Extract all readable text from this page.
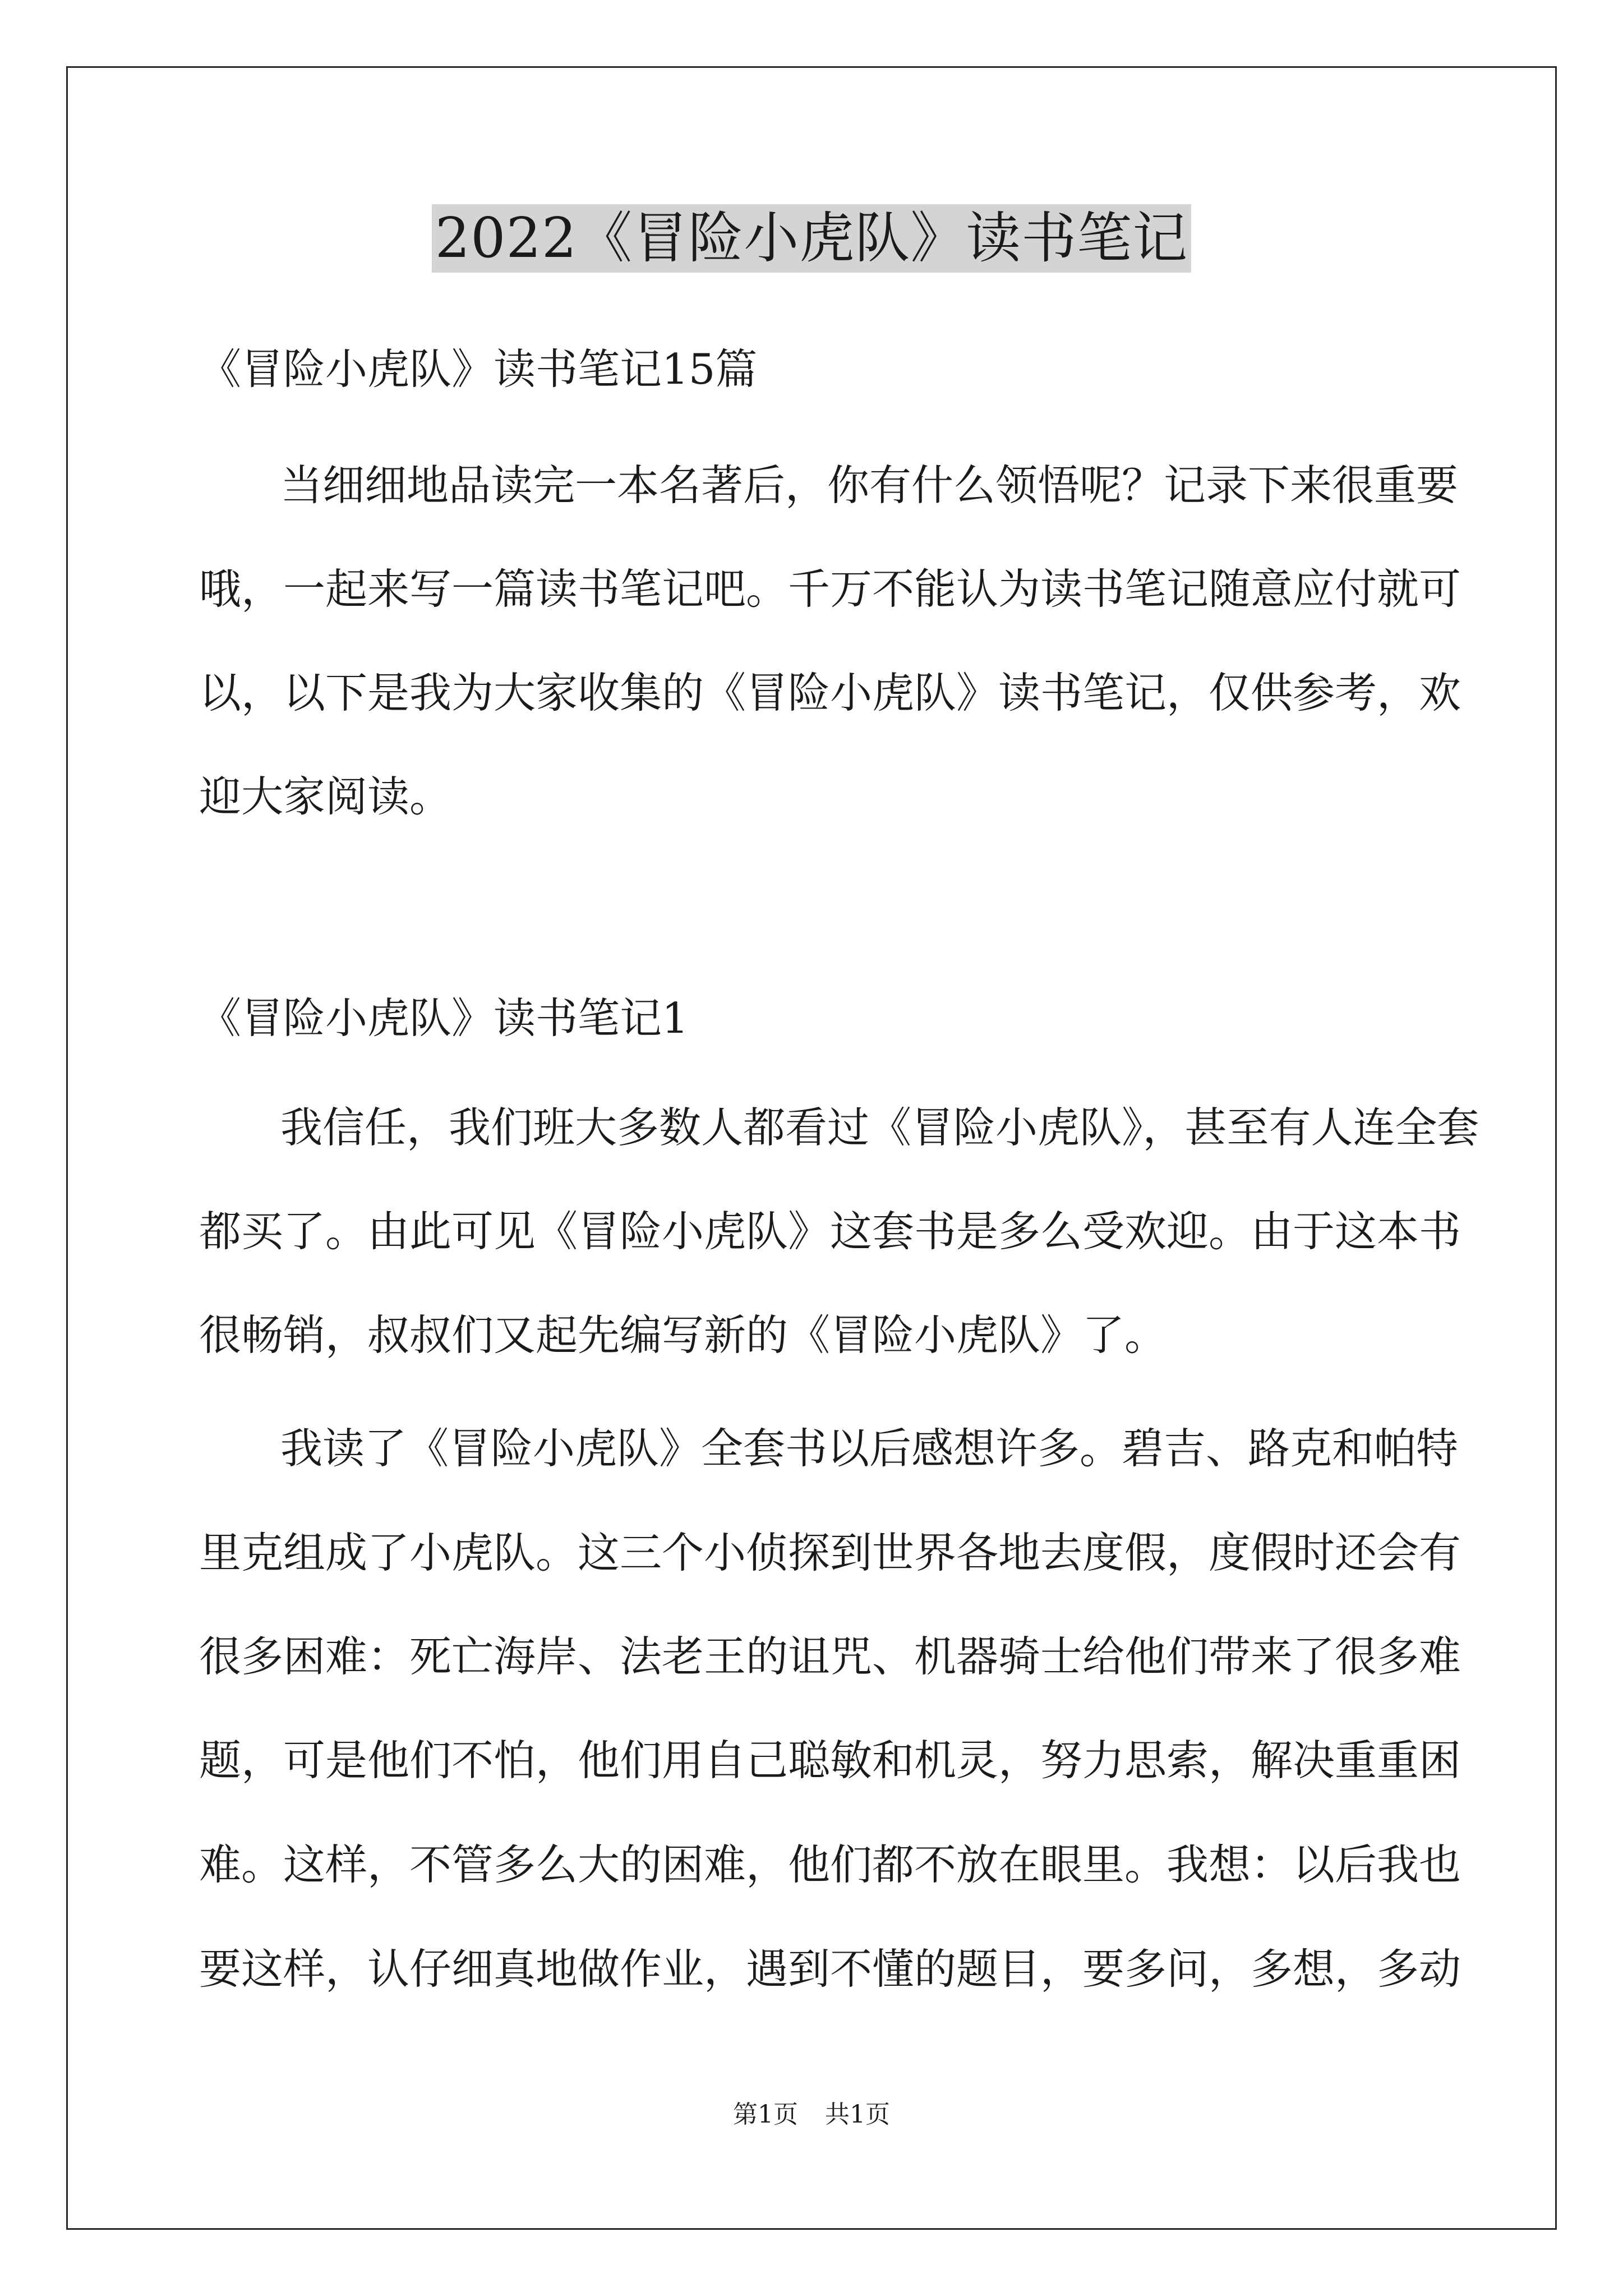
2022《冒险小虎队》读书笔记
《冒险小虎队》读书笔记15篇
当细细地品读完一本名著后，你有什么领悟呢？记录下来很重要
哦，一起来写一篇读书笔记吧。千万不能认为读书笔记随意应付就可
以，以下是我为大家收集的《冒险小虎队》读书笔记，仅供参考，欢
迎大家阅读。
《冒险小虎队》读书笔记1
我信任，我们班大多数人都看过《冒险小虎队》，甚至有人连全套
都买了。由此可见《冒险小虎队》这套书是多么受欢迎。由于这本书
很畅销，叔叔们又起先编写新的《冒险小虎队》了。
我读了《冒险小虎队》全套书以后感想许多。碧吉、路克和帕特
里克组成了小虎队。这三个小侦探到世界各地去度假，度假时还会有
很多困难：死亡海岸、法老王的诅咒、机器骑士给他们带来了很多难
题，可是他们不怕，他们用自己聪敏和机灵，努力思索，解决重重困
难。这样，不管多么大的困难，他们都不放在眼里。我想：以后我也
要这样，认仔细真地做作业，遇到不懂的题目，要多问，多想，多动
第1页 共1页
